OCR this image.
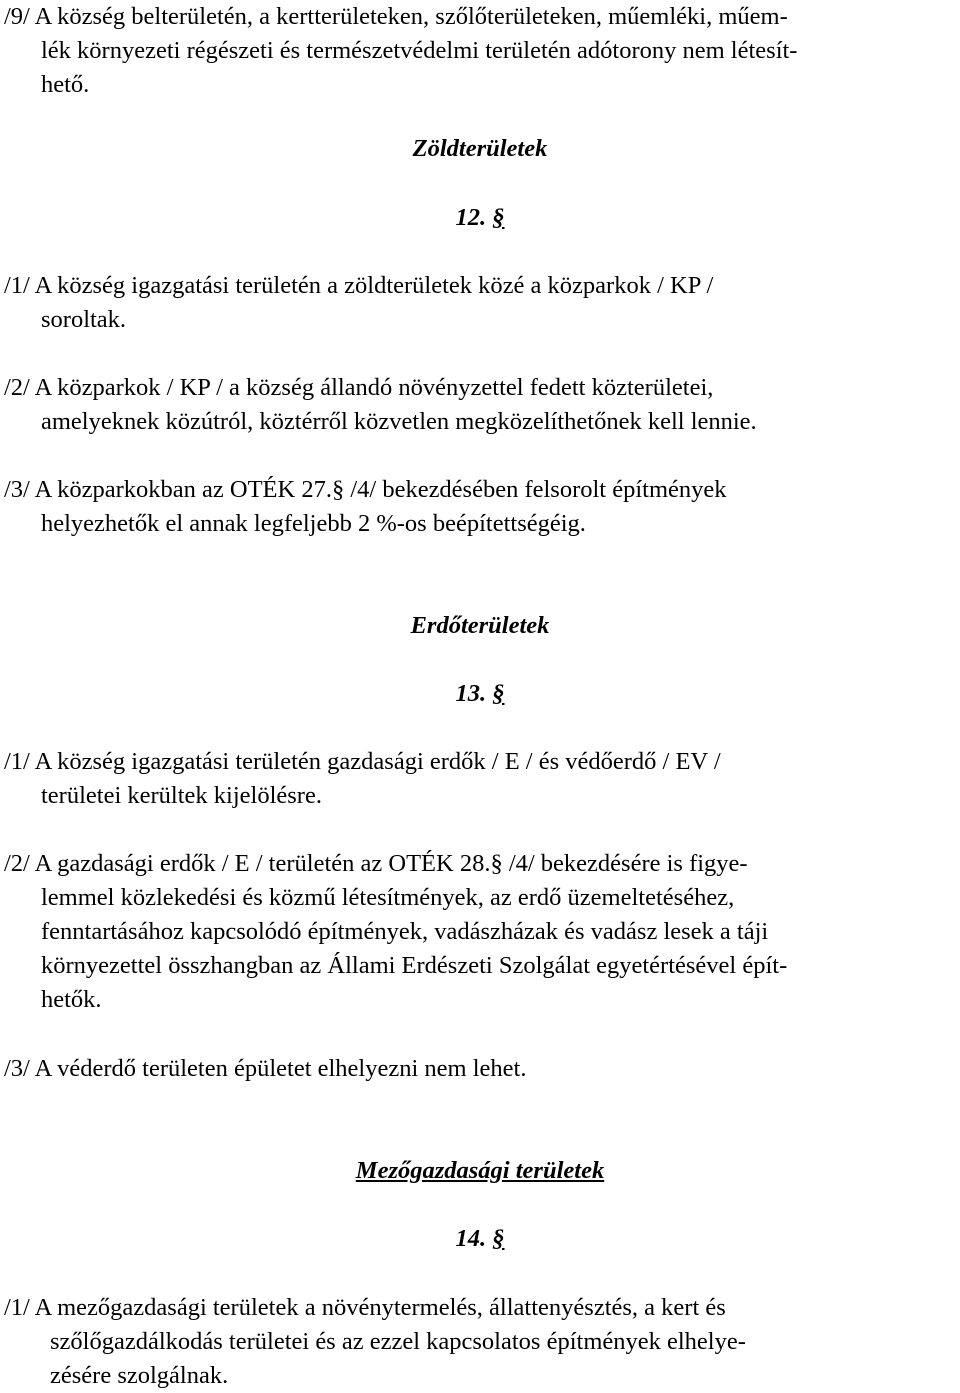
/9/ A község belterületén, a kertterületeken, szőlőterületeken, műemléki, műem-
lék környezeti régészeti és természetvédelmi területén adótorony nem létesít-
hető.

Zöldterületek

12. §

/1/ A község igazgatási területén a zöldterületek közé a közparkok / KP /
soroltak.

/2/ A közparkok / KP / a község állandó növényzettel fedett közterületei,
amelyeknek közútról, köztérről közvetlen megközelíthetőnek kell lennie.

/3/ A közparkokban az OTÉK 27.§ /4/ bekezdésében felsorolt építmények
helyezhetők el annak legfeljebb 2 %-os beépítettségéig.

Erdőterületek

13. §

/1/ A község igazgatási területén gazdasági erdők / E / és védőerdő / EV /
területei kerültek kijelölésre.

/2/ A gazdasági erdők / E / területén az OTÉK 28.§ /4/ bekezdésére is figye-
lemmel közlekedési és közmű létesítmények, az erdő üzemeltetéséhez,
fenntartásához kapcsolódó építmények, vadászházak és vadász lesek a táji
környezettel összhangban az Állami Erdészeti Szolgálat egyetértésével épít-
hetők.

/3/ A véderdő területen épületet elhelyezni nem lehet.

Mezőgazdasági területek

14. §

/1/ A mezőgazdasági területek a növénytermelés, állattenyésztés, a kert és
szőlőgazdálkodás területei és az ezzel kapcsolatos építmények elhelye-
zésére szolgálnak.
